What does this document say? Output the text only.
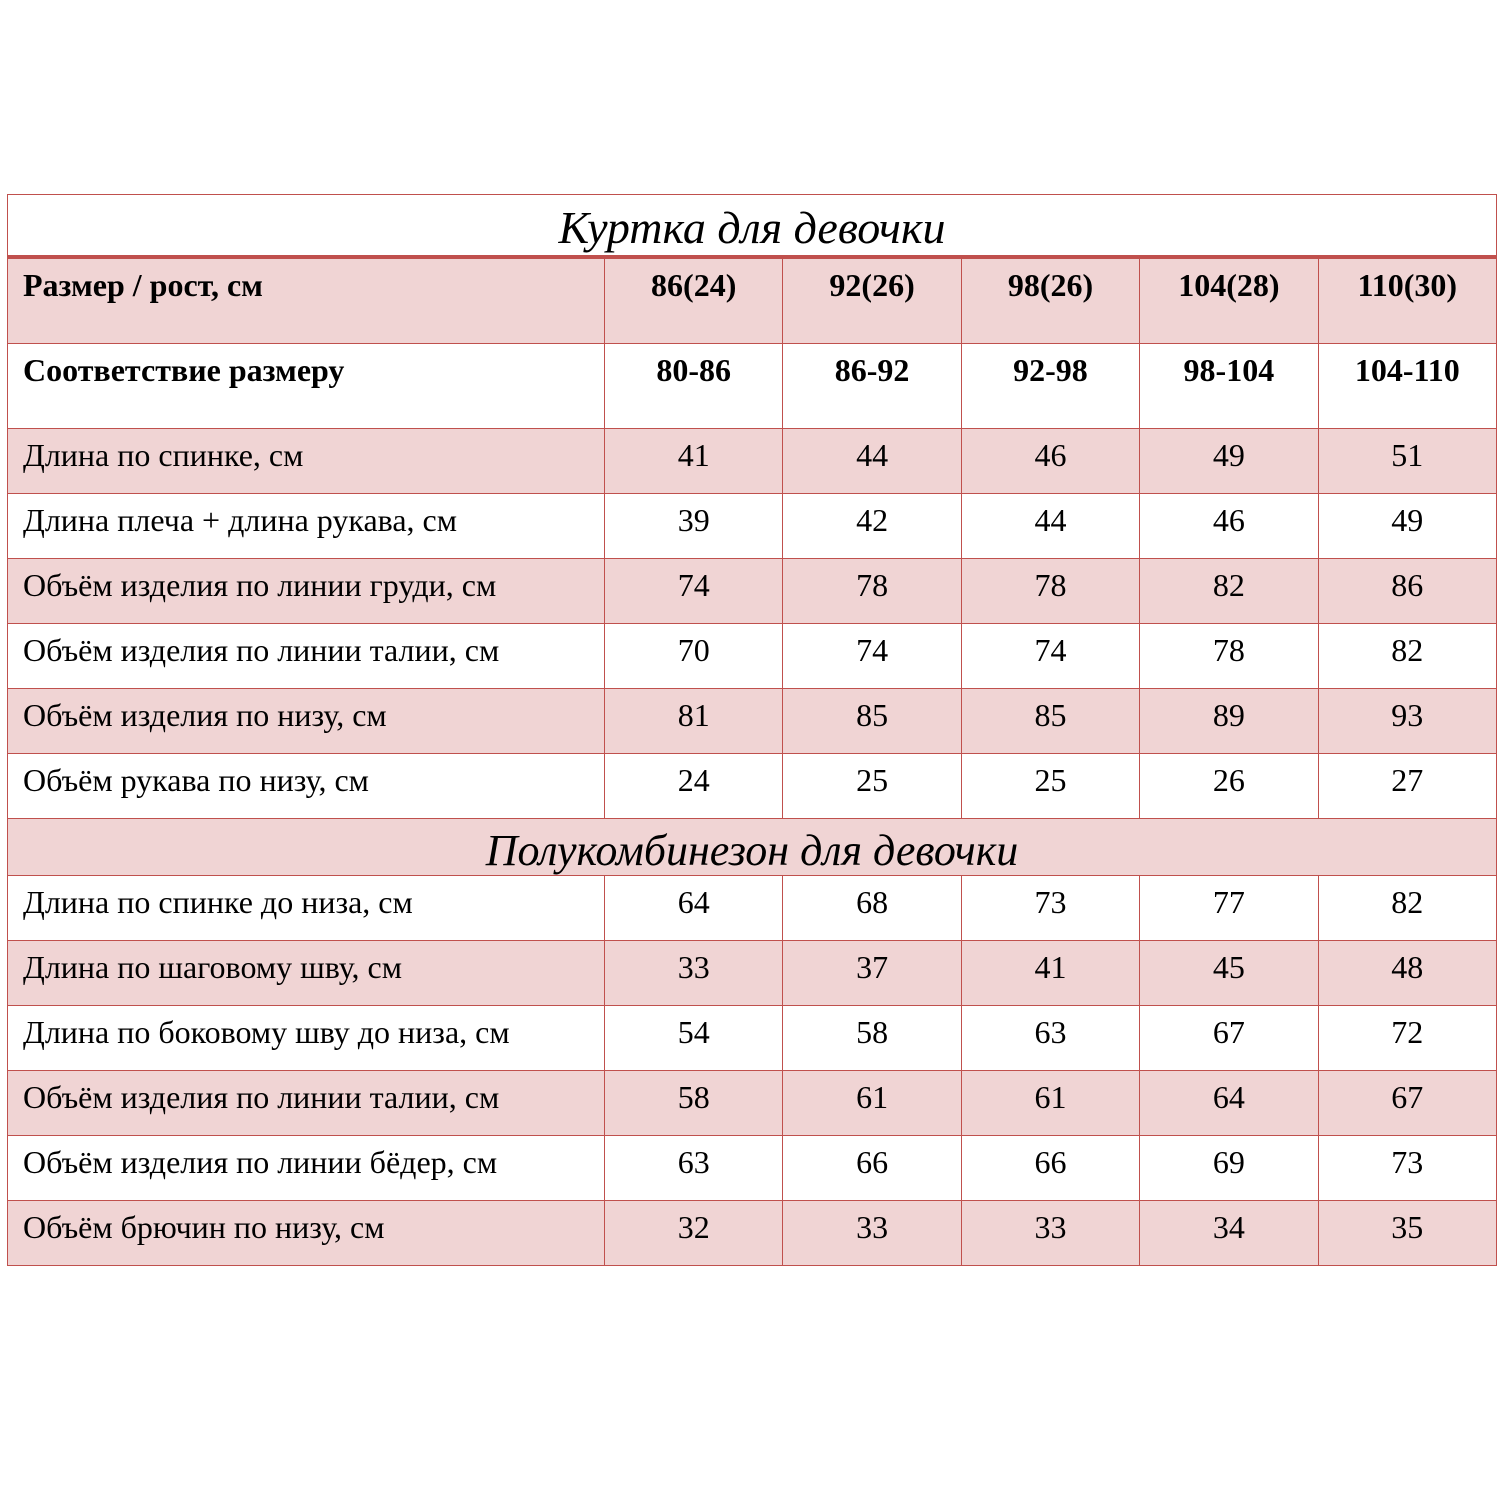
Куртка для девочки					
Размер / рост, см	86(24)	92(26)	98(26)	104(28)	110(30)
Соответствие размеру	80-86	86-92	92-98	98-104	104-110
Длина по спинке, см	41	44	46	49	51
Длина плеча + длина рукава, см	39	42	44	46	49
Объём изделия по линии груди, см	74	78	78	82	86
Объём изделия по линии талии, см	70	74	74	78	82
Объём изделия по низу, см	81	85	85	89	93
Объём рукава по низу, см	24	25	25	26	27
Полукомбинезон для девочки					
Длина по спинке до низа, см	64	68	73	77	82
Длина по шаговому шву, см	33	37	41	45	48
Длина по боковому шву до низа, см	54	58	63	67	72
Объём изделия по линии талии, см	58	61	61	64	67
Объём изделия по линии бёдер, см	63	66	66	69	73
Объём брючин по низу, см	32	33	33	34	35
